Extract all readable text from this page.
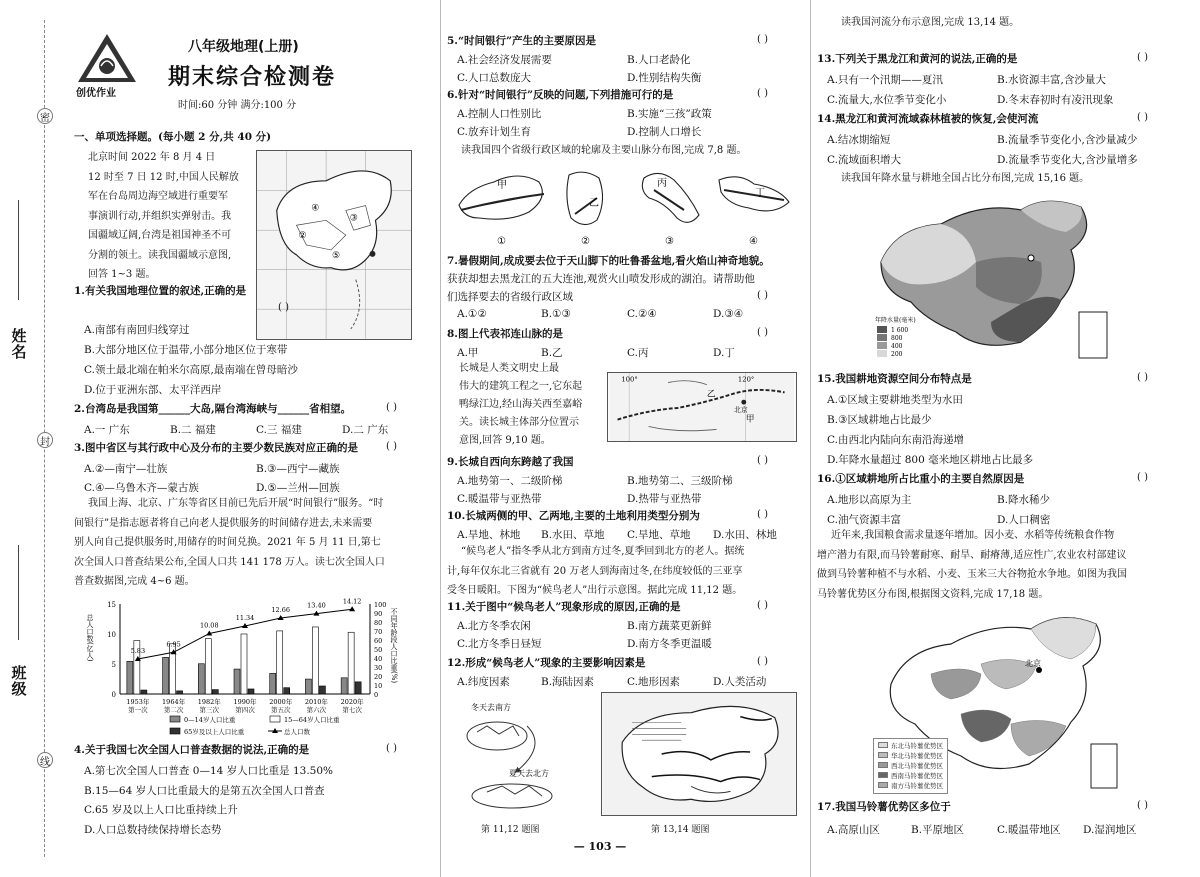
密
封
线
姓名
班级
创优作业
八年级地理(上册)
期末综合检测卷
时间:60 分钟 满分:100 分
一、单项选择题。(每小题 2 分,共 40 分)
北京时间 2022 年 8 月 4 日
12 时至 7 日 12 时,中国人民解放
军在台岛周边海空域进行重要军
事演训行动,并组织实弹射击。我
国疆域辽阔,台湾是祖国神圣不可
分割的领土。读我国疆域示意图,
回答 1~3 题。
②
③
④
⑤
1.有关我国地理位置的叙述,正确的是
( )
A.南部有南回归线穿过
B.大部分地区位于温带,小部分地区位于寒带
C.领土最北端在帕米尔高原,最南端在曾母暗沙
D.位于亚洲东部、太平洋西岸
2.台湾岛是我国第______大岛,隔台湾海峡与______省相望。	( )
A.一 广东	B.二 福建	C.三 福建	D.二 广东
3.图中省区与其行政中心及分布的主要少数民族对应正确的是	( )
A.②—南宁—壮族	B.③—西宁—藏族
C.④—乌鲁木齐—蒙古族	D.⑤—兰州—回族
我国上海、北京、广东等省区目前已先后开展“时间银行”服务。“时
间银行”是指志愿者将自己向老人提供服务的时间储存进去,未来需要
别人向自己提供服务时,用储存的时间兑换。2021 年 5 月 11 日,第七
次全国人口普查结果公布,全国人口共 141 178 万人。读七次全国人口
普查数据图,完成 4~6 题。
0
5
10
15
0
10
20
30
40
50
60
70
80
90
100
总人口数(亿人)	不同年龄段人口比重(%)
5.83
1953年
第一次
6.95
1964年
第二次
10.08
1982年
第三次
11.34
1990年
第四次
12.66
2000年
第五次
13.40
2010年
第六次
14.12
2020年
第七次
0—14岁人口比重	15—64岁人口比重
65岁及以上人口比重	总人口数
4.关于我国七次全国人口普查数据的说法,正确的是	( )
A.第七次全国人口普查 0—14 岁人口比重是 13.50%
B.15—64 岁人口比重最大的是第五次全国人口普查
C.65 岁及以上人口比重持续上升
D.人口总数持续保持增长态势
5.“时间银行”产生的主要原因是	( )
A.社会经济发展需要	B.人口老龄化
C.人口总数庞大	D.性别结构失衡
6.针对“时间银行”反映的问题,下列措施可行的是	( )
A.控制人口性别比	B.实施“三孩”政策
C.放弃计划生育	D.控制人口增长
读我国四个省级行政区域的轮廓及主要山脉分布图,完成 7,8 题。
甲
乙
丙
丁
①	②	③	④
7.暑假期间,成成要去位于天山脚下的吐鲁番盆地,看火焰山神奇地貌。
获获却想去黑龙江的五大连池,观赏火山喷发形成的湖泊。请帮助他
们选择要去的省级行政区域	( )
A.①②	B.①③	C.②④	D.③④
8.图上代表祁连山脉的是	( )
A.甲	B.乙	C.丙	D.丁
长城是人类文明史上最
伟大的建筑工程之一,它东起
鸭绿江边,经山海关西至嘉峪
关。读长城主体部分位置示
意图,回答 9,10 题。
100°	120°
甲
乙
北京
9.长城自西向东跨越了我国	( )
A.地势第一、二级阶梯	B.地势第二、三级阶梯
C.暖温带与亚热带	D.热带与亚热带
10.长城两侧的甲、乙两地,主要的土地利用类型分别为	( )
A.旱地、林地 B.水田、草地 C.旱地、草地 D.水田、林地
“候鸟老人”指冬季从北方到南方过冬,夏季回到北方的老人。据统
计,每年仅东北三省就有 20 万老人到海南过冬,在纬度较低的三亚享
受冬日暖阳。下图为“候鸟老人”出行示意图。据此完成 11,12 题。
11.关于图中“候鸟老人”现象形成的原因,正确的是	( )
A.北方冬季农闲	B.南方蔬菜更新鲜
C.北方冬季日昼短	D.南方冬季更温暖
12.形成“候鸟老人”现象的主要影响因素是	( )
A.纬度因素	B.海陆因素	C.地形因素	D.人类活动
冬天去南方
夏天去北方
第 11,12 题图	第 13,14 题图
读我国河流分布示意图,完成 13,14 题。
13.下列关于黑龙江和黄河的说法,正确的是	( )
A.只有一个汛期——夏汛	B.水资源丰富,含沙量大
C.流量大,水位季节变化小	D.冬末春初时有凌汛现象
14.黑龙江和黄河流域森林植被的恢复,会使河流	( )
A.结冰期缩短	B.流量季节变化小,含沙量减少
C.流域面积增大	D.流量季节变化大,含沙量增多
读我国年降水量与耕地全国占比分布图,完成 15,16 题。
年降水量(毫米)
1 600
800
400
200
15.我国耕地资源空间分布特点是	( )
A.①区域主要耕地类型为水田
B.③区域耕地占比最少
C.由西北内陆向东南沿海递增
D.年降水量超过 800 毫米地区耕地占比最多
16.①区域耕地所占比重小的主要自然原因是	( )
A.地形以高原为主	B.降水稀少
C.油气资源丰富	D.人口稠密
近年来,我国粮食需求量逐年增加。因小麦、水稻等传统粮食作物
增产潜力有限,而马铃薯耐寒、耐旱、耐瘠薄,适应性广,农业农村部建议
做到马铃薯种植不与水稻、小麦、玉米三大谷物抢水争地。如图为我国
马铃薯优势区分布图,根据图文资料,完成 17,18 题。
北京
东北马铃薯优势区
华北马铃薯优势区
西北马铃薯优势区
西南马铃薯优势区
南方马铃薯优势区
17.我国马铃薯优势区多位于	( )
A.高原山区	B.平原地区	C.暖温带地区 D.湿润地区
— 103 —
